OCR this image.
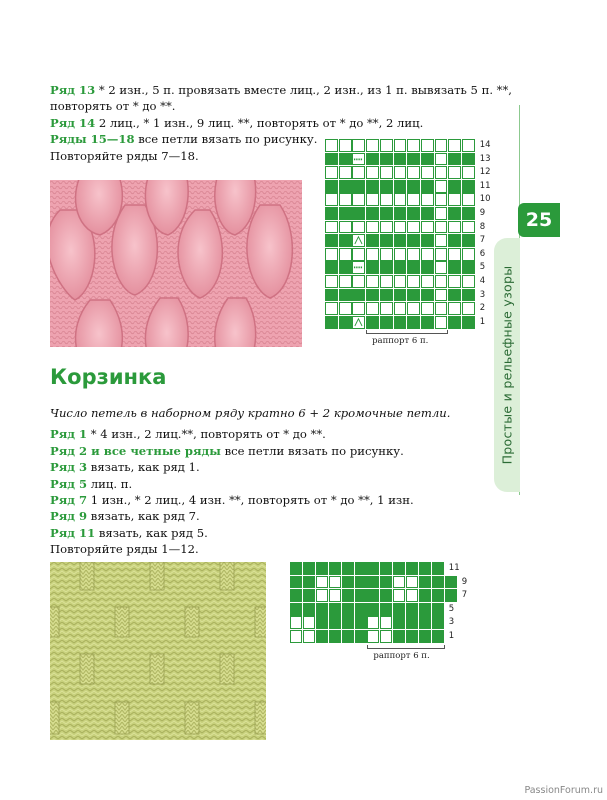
Ряд 13 * 2 изн., 5 п. провязать вместе лиц., 2 изн., из 1 п. вывязать 5 п. **,

повторять от * до **.

Ряд 14 2 лиц., * 1 изн., 9 лиц. **, повторять от * до **, 2 лиц.

Ряды 15—18 все петли вязать по рисунку.

Повторяйте ряды 7—18.

14
13
12
11
10
9
8
7
6
5
4
3
2
1
раппорт 6 п.
Корзинка

Число петель в наборном ряду кратно 6 + 2 кромочные петли.

Ряд 1 * 4 изн., 2 лиц.**, повторять от * до **.

Ряд 2 и все четные ряды все петли вязать по рисунку.

Ряд 3 вязать, как ряд 1.

Ряд 5 лиц. п.

Ряд 7 1 изн., * 2 лиц., 4 изн. **, повторять от * до **, 1 изн.

Ряд 9 вязать, как ряд 7.

Ряд 11 вязать, как ряд 5.

Повторяйте ряды 1—12.

11
9
7
5
3
1
раппорт 6 п.
Простые и рельефные узоры
25
PassionForum.ru
